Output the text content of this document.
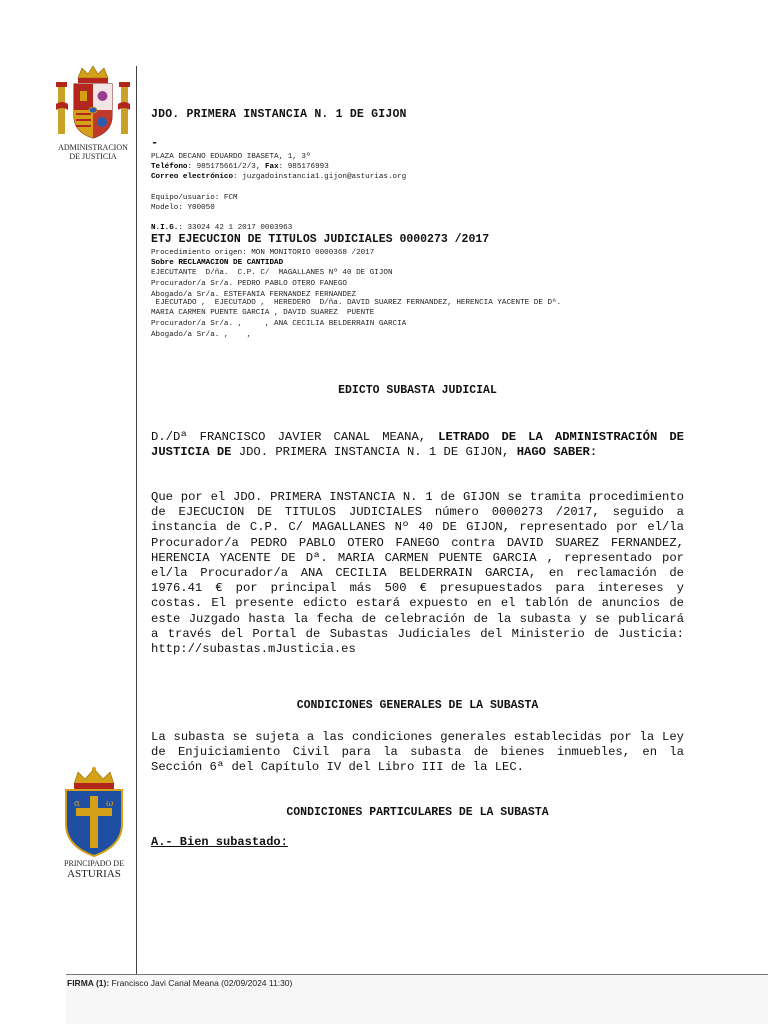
ADMINISTRACION
DE JUSTICIA
α	ω
PRINCIPADO DE
ASTURIAS
JDO. PRIMERA INSTANCIA N. 1 DE GIJON
-
PLAZA DECANO EDUARDO IBASETA, 1, 3º
Teléfono: 985175661/2/3, Fax: 985176993
Correo electrónico: juzgadoinstancia1.gijon@asturias.org
Equipo/usuario: FCM
Modelo: Y00050
N.I.G.: 33024 42 1 2017 0003963
ETJ EJECUCION DE TITULOS JUDICIALES 0000273 /2017
Procedimiento origen: MON MONITORIO 0000368 /2017
Sobre RECLAMACION DE CANTIDAD
EJECUTANTE  D/ña.  C.P. C/  MAGALLANES Nº 40 DE GIJON
Procurador/a Sr/a. PEDRO PABLO OTERO FANEGO
Abogado/a Sr/a. ESTEFANIA FERNANDEZ FERNANDEZ
EJECUTADO ,  EJECUTADO ,  HEREDERO  D/ña. DAVID SUAREZ FERNANDEZ, HERENCIA YACENTE DE Dª.
MARIA CARMEN PUENTE GARCIA , DAVID SUAREZ  PUENTE
Procurador/a Sr/a. ,     , ANA CECILIA BELDERRAIN GARCIA
Abogado/a Sr/a. ,    ,
EDICTO SUBASTA JUDICIAL
D./Dª FRANCISCO JAVIER CANAL MEANA, LETRADO DE LA ADMINISTRACIÓN DE JUSTICIA DE JDO. PRIMERA INSTANCIA N. 1 DE GIJON, HAGO SABER:
Que por el JDO. PRIMERA INSTANCIA N. 1 de GIJON se tramita procedimiento de EJECUCION DE TITULOS JUDICIALES número 0000273 /2017, seguido a instancia de C.P. C/ MAGALLANES Nº 40 DE GIJON, representado por el/la Procurador/a PEDRO PABLO OTERO FANEGO contra DAVID SUAREZ FERNANDEZ, HERENCIA YACENTE DE Dª. MARIA CARMEN PUENTE GARCIA , representado por el/la Procurador/a ANA CECILIA BELDERRAIN GARCIA, en reclamación de 1976.41 € por principal más 500 € presupuestados para intereses y costas. El presente edicto estará expuesto en el tablón de anuncios de este Juzgado hasta la fecha de celebración de la subasta y se publicará a través del Portal de Subastas Judiciales del Ministerio de Justicia: http://subastas.mJusticia.es
CONDICIONES GENERALES DE LA SUBASTA
La subasta se sujeta a las condiciones generales establecidas por la Ley de Enjuiciamiento Civil para la subasta de bienes inmuebles, en la Sección 6ª del Capítulo IV del Libro III de la LEC.
CONDICIONES PARTICULARES DE LA SUBASTA
A.- Bien subastado:
FIRMA (1): Francisco Javi Canal Meana (02/09/2024 11:30)
